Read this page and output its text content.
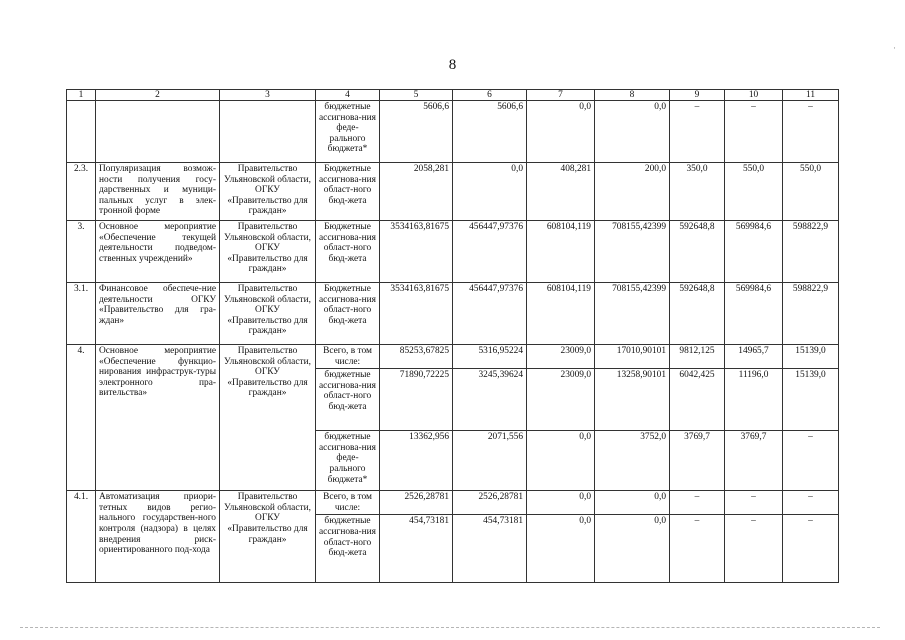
8
1	2	3	4	5	6	7	8	9	10	11
			бюджетные ассигнова-ния феде-рального бюджета*	5606,6	5606,6	0,0	0,0	–	–	–
2.3.	Популяризация возмож-ности получения госу-дарственных и муници-пальных услуг в элек-тронной форме	Правительство Ульяновской области, ОГКУ «Правительство для граждан»	Бюджетные ассигнова-ния област-ного бюд-жета	2058,281	0,0	408,281	200,0	350,0	550,0	550,0
3.	Основное мероприятие «Обеспечение текущей деятельности подведом-ственных учреждений»	Правительство Ульяновской области, ОГКУ «Правительство для граждан»	Бюджетные ассигнова-ния област-ного бюд-жета	3534163,81675	456447,97376	608104,119	708155,42399	592648,8	569984,6	598822,9
3.1.	Финансовое обеспече-ние деятельности ОГКУ «Правительство для гра-ждан»	Правительство Ульяновской области, ОГКУ «Правительство для граждан»	Бюджетные ассигнова-ния област-ного бюд-жета	3534163,81675	456447,97376	608104,119	708155,42399	592648,8	569984,6	598822,9
4.	Основное мероприятие «Обеспечение функцио-нирования инфраструк-туры электронного пра-вительства»	Правительство Ульяновской области, ОГКУ «Правительство для граждан»	Всего, в том числе:	85253,67825	5316,95224	23009,0	17010,90101	9812,125	14965,7	15139,0
			бюджетные ассигнова-ния област-ного бюд-жета	71890,72225	3245,39624	23009,0	13258,90101	6042,425	11196,0	15139,0
			бюджетные ассигнова-ния феде-рального бюджета*	13362,956	2071,556	0,0	3752,0	3769,7	3769,7	–
4.1.	Автоматизация приори-тетных видов регио-нального государствен-ного контроля (надзора) в целях внедрения риск-ориентированного под-хода	Правительство Ульяновской области, ОГКУ «Правительство для граждан»	Всего, в том числе:	2526,28781	2526,28781	0,0	0,0	–	–	–
			бюджетные ассигнова-ния област-ного бюд-жета	454,73181	454,73181	0,0	0,0	–	–	–
·
